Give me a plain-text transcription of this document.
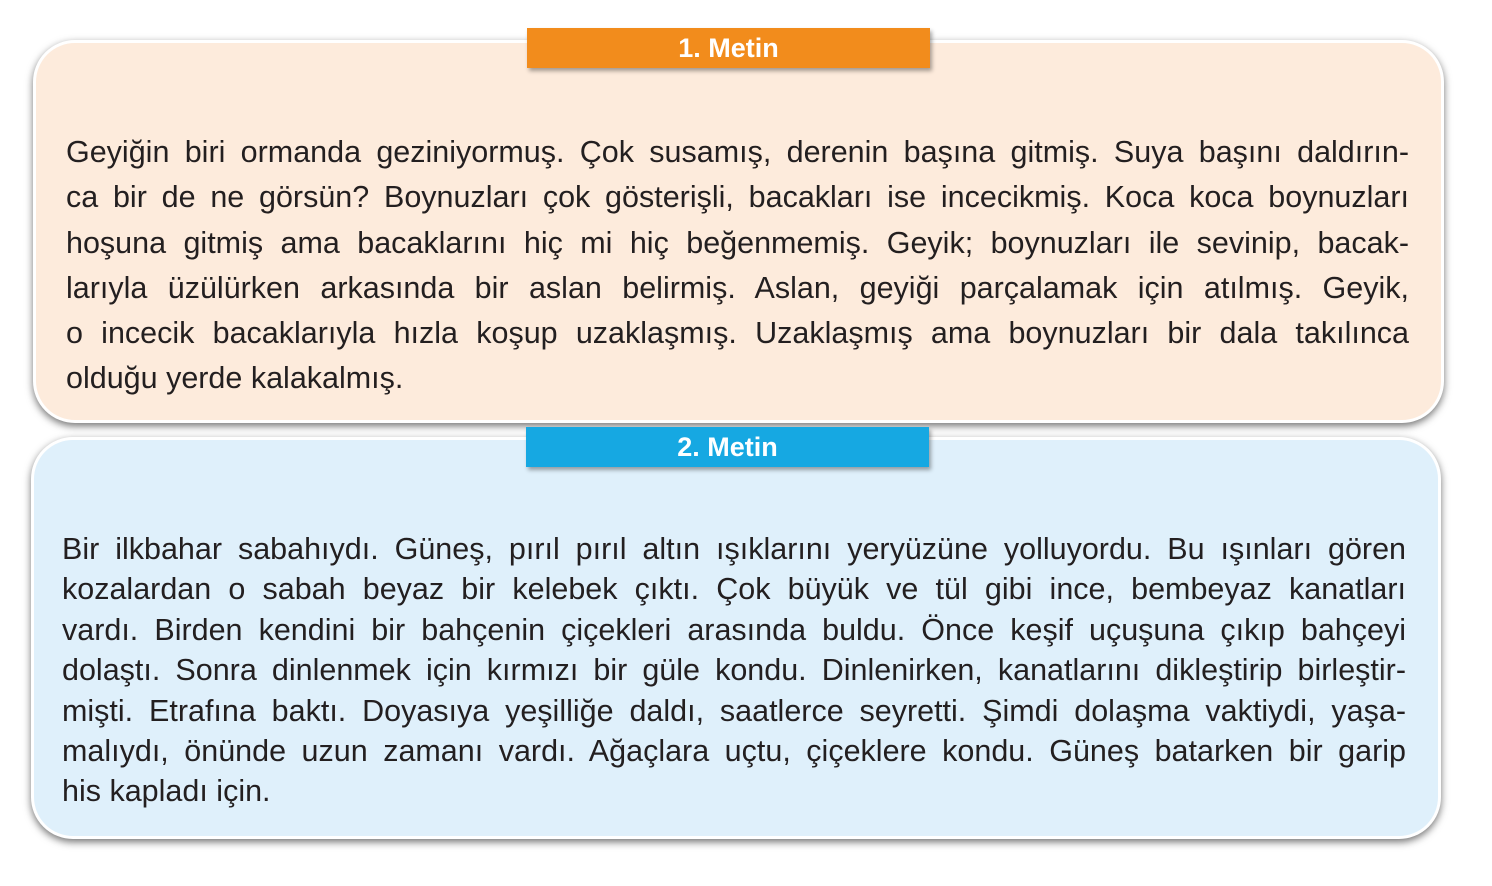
1. Metin
Geyiğin biri ormanda geziniyormuş. Çok susamış, derenin başına gitmiş. Suya başını daldırın-
ca bir de ne görsün? Boynuzları çok gösterişli, bacakları ise incecikmiş. Koca koca boynuzları
hoşuna gitmiş ama bacaklarını hiç mi hiç beğenmemiş. Geyik; boynuzları ile sevinip, bacak-
larıyla üzülürken arkasında bir aslan belirmiş. Aslan, geyiği parçalamak için atılmış. Geyik,
o incecik bacaklarıyla hızla koşup uzaklaşmış. Uzaklaşmış ama boynuzları bir dala takılınca
olduğu yerde kalakalmış.
2. Metin
Bir ilkbahar sabahıydı. Güneş, pırıl pırıl altın ışıklarını yeryüzüne yolluyordu. Bu ışınları gören
kozalardan o sabah beyaz bir kelebek çıktı. Çok büyük ve tül gibi ince, bembeyaz kanatları
vardı. Birden kendini bir bahçenin çiçekleri arasında buldu. Önce keşif uçuşuna çıkıp bahçeyi
dolaştı. Sonra dinlenmek için kırmızı bir güle kondu. Dinlenirken, kanatlarını dikleştirip birleştir-
mişti. Etrafına baktı. Doyasıya yeşilliğe daldı, saatlerce seyretti. Şimdi dolaşma vaktiydi, yaşa-
malıydı, önünde uzun zamanı vardı. Ağaçlara uçtu, çiçeklere kondu. Güneş batarken bir garip
his kapladı için.
